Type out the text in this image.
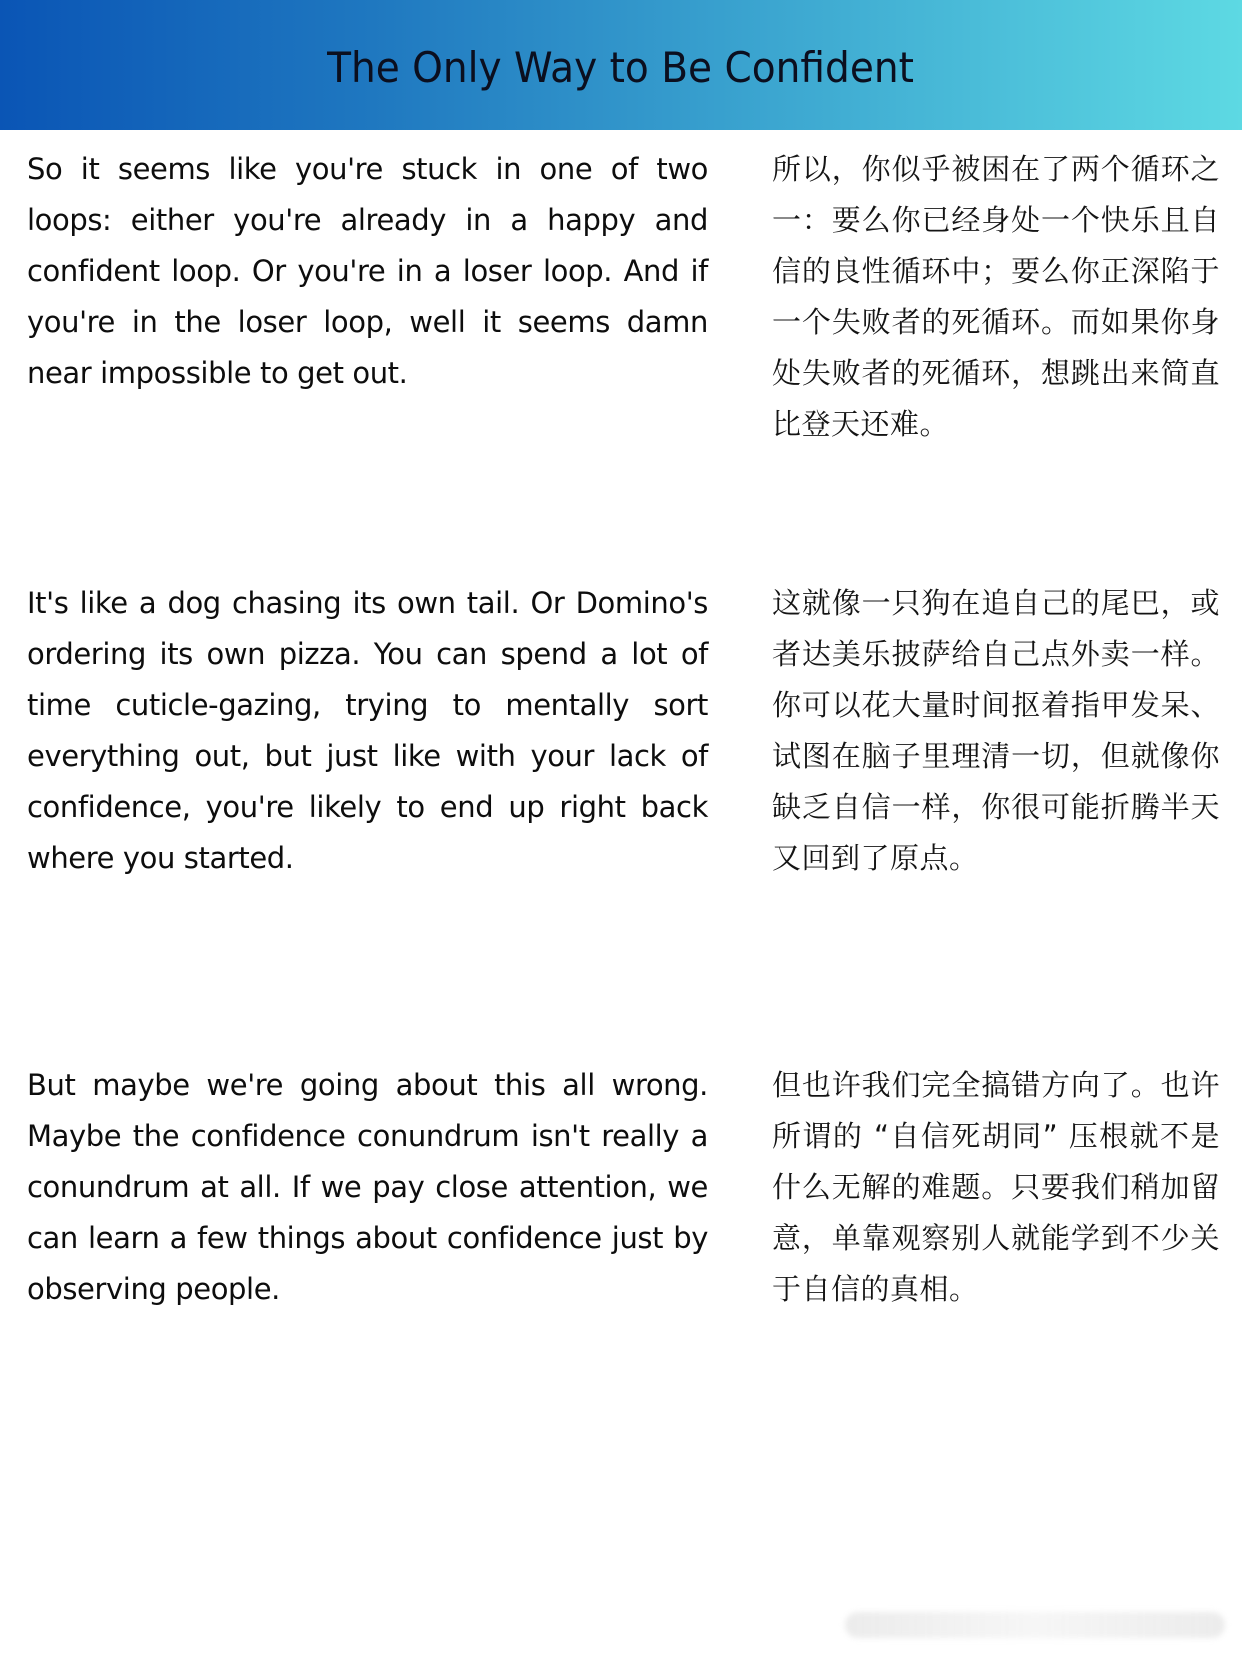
The Only Way to Be Confident
So it seems like you're stuck in one of two loops: either you're already in a happy and confident loop. Or you're in a loser loop. And if you're in the loser loop, well it seems damn near impossible to get out.
所以，你似乎被困在了两个循环之一：要么你已经身处一个快乐且自信的良性循环中；要么你正深陷于一个失败者的死循环。而如果你身处失败者的死循环，想跳出来简直比登天还难。
It's like a dog chasing its own tail. Or Domino's ordering its own pizza. You can spend a lot of time cuticle-gazing, trying to mentally sort everything out, but just like with your lack of confidence, you're likely to end up right back where you started.
这就像一只狗在追自己的尾巴，或者达美乐披萨给自己点外卖一样。你可以花大量时间抠着指甲发呆、试图在脑子里理清一切，但就像你缺乏自信一样，你很可能折腾半天又回到了原点。
But maybe we're going about this all wrong. Maybe the confidence conundrum isn't really a conundrum at all. If we pay close attention, we can learn a few things about confidence just by observing people.
但也许我们完全搞错方向了。也许所谓的 “自信死胡同” 压根就不是什么无解的难题。只要我们稍加留意，单靠观察别人就能学到不少关于自信的真相。
